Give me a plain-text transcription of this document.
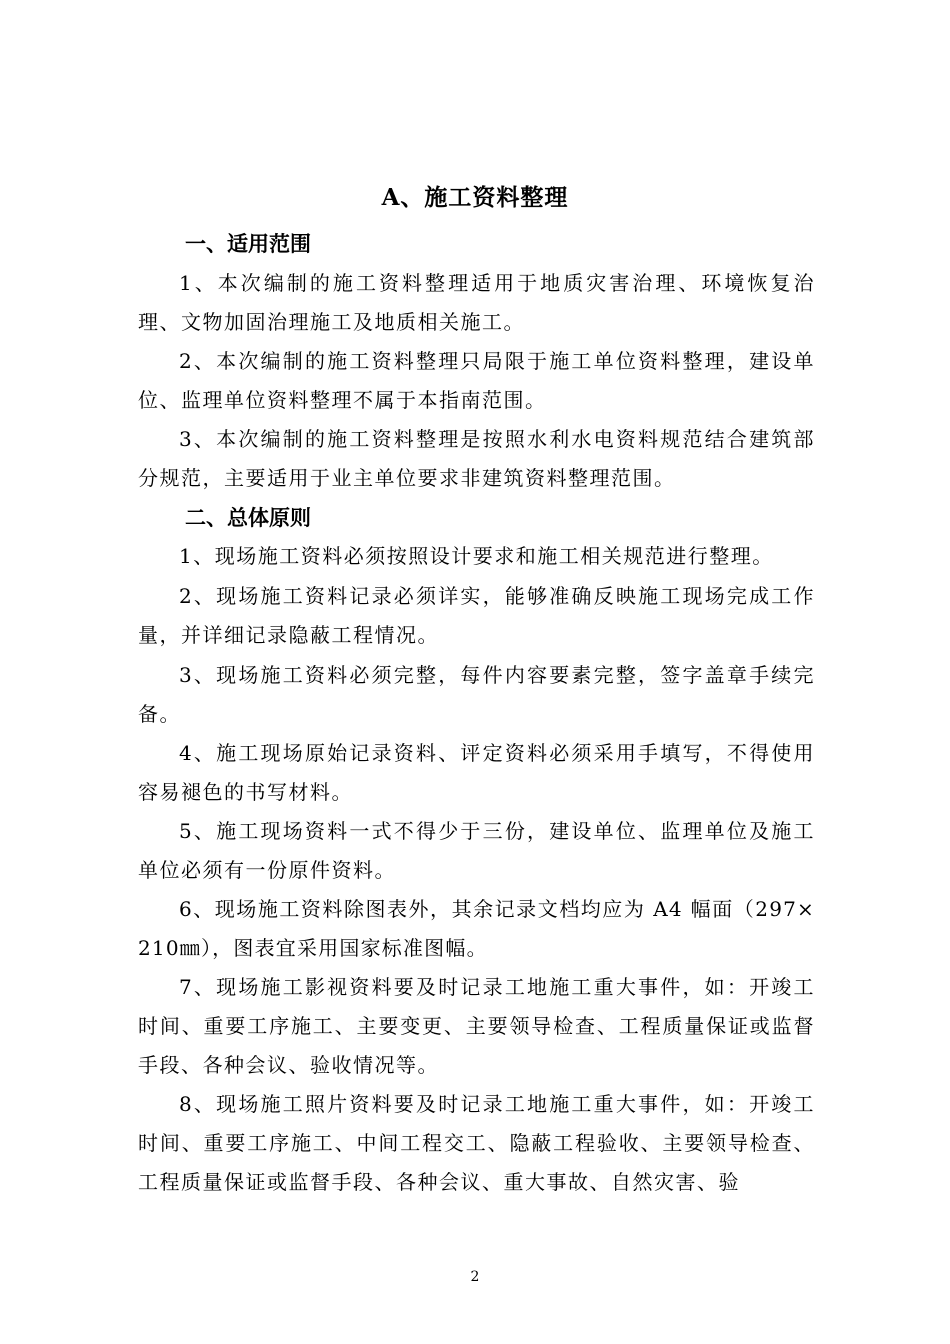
A、施工资料整理
一、适用范围
1、本次编制的施工资料整理适用于地质灾害治理、环境恢复治理、文物加固治理施工及地质相关施工。
2、本次编制的施工资料整理只局限于施工单位资料整理，建设单位、监理单位资料整理不属于本指南范围。
3、本次编制的施工资料整理是按照水利水电资料规范结合建筑部分规范，主要适用于业主单位要求非建筑资料整理范围。
二、总体原则
1、现场施工资料必须按照设计要求和施工相关规范进行整理。
2、现场施工资料记录必须详实，能够准确反映施工现场完成工作量，并详细记录隐蔽工程情况。
3、现场施工资料必须完整，每件内容要素完整，签字盖章手续完备。
4、施工现场原始记录资料、评定资料必须采用手填写，不得使用容易褪色的书写材料。
5、施工现场资料一式不得少于三份，建设单位、监理单位及施工单位必须有一份原件资料。
6、现场施工资料除图表外，其余记录文档均应为 A4 幅面（297×210㎜），图表宜采用国家标准图幅。
7、现场施工影视资料要及时记录工地施工重大事件，如：开竣工时间、重要工序施工、主要变更、主要领导检查、工程质量保证或监督手段、各种会议、验收情况等。
8、现场施工照片资料要及时记录工地施工重大事件，如：开竣工时间、重要工序施工、中间工程交工、隐蔽工程验收、主要领导检查、工程质量保证或监督手段、各种会议、重大事故、自然灾害、验
2
